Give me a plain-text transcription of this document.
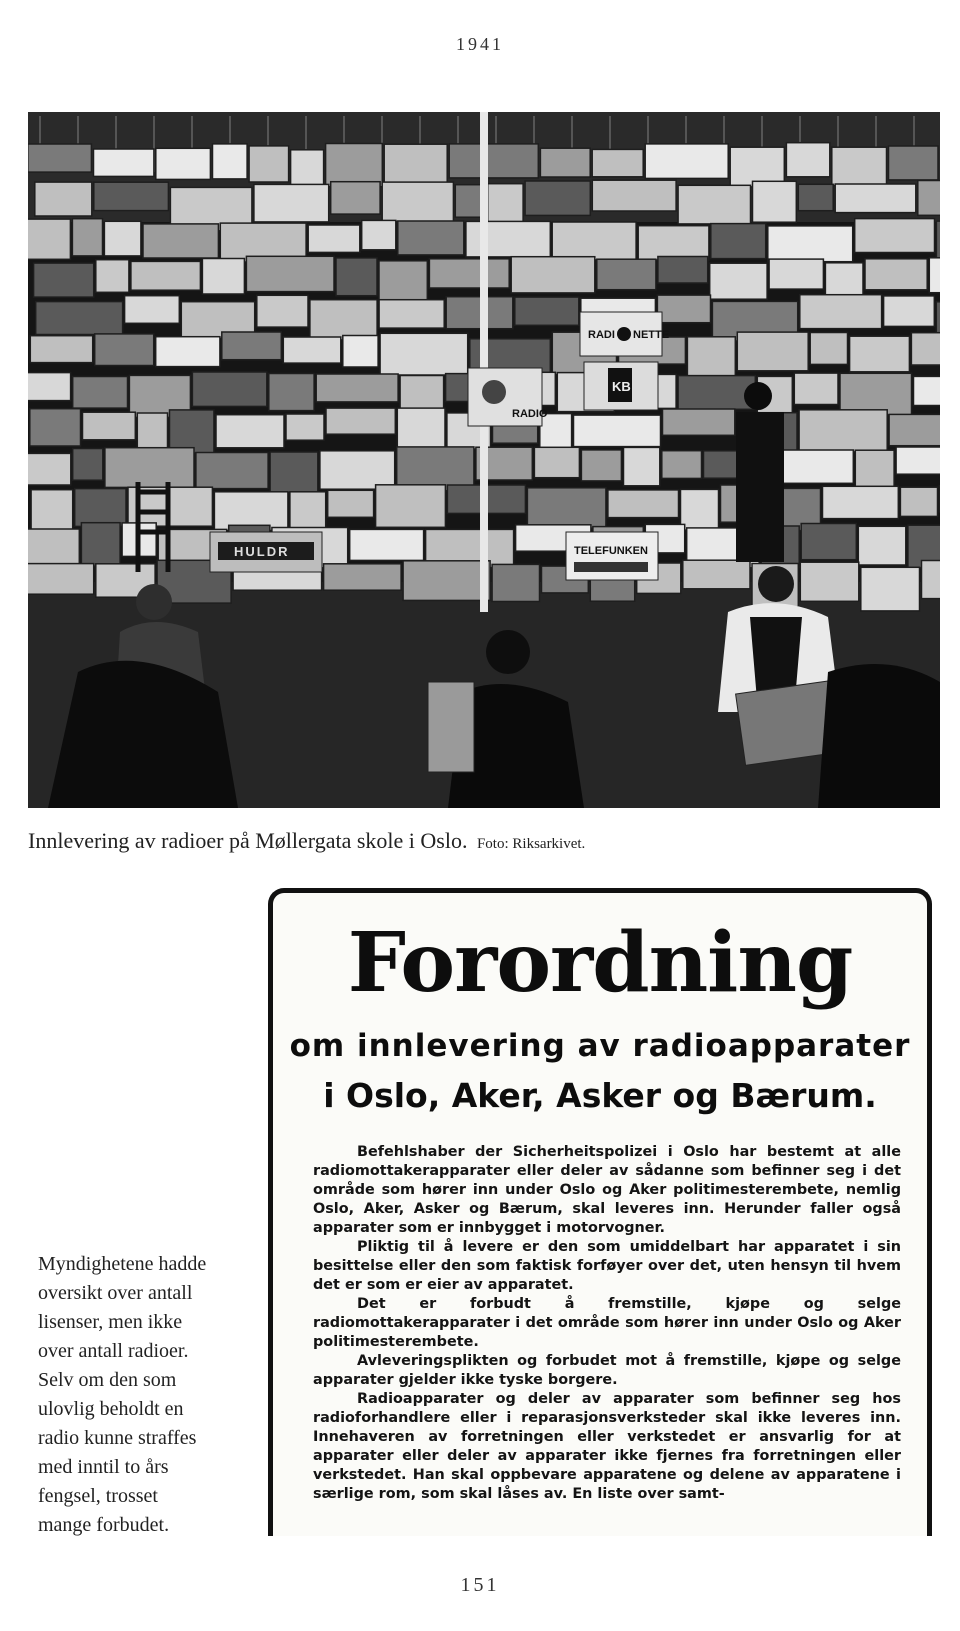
1941
RADI NETTE
KB
HULDR	TELEFUNKEN
RADIO
Innlevering av radioer på Møllergata skole i Oslo. Foto: Riksarkivet.
Myndighetene hadde
oversikt over antall
lisenser, men ikke
over antall radioer.
Selv om den som
ulovlig beholdt en
radio kunne straffes
med inntil to års
fengsel, trosset
mange forbudet.
Forordning
om innlevering av radioapparater
i Oslo, Aker, Asker og Bærum.

Befehlshaber der Sicherheitspolizei i Oslo har bestemt at alle radiomottakerapparater eller deler av sådanne som befinner seg i det område som hører inn under Oslo og Aker politimesterembete, nemlig Oslo, Aker, Asker og Bærum, skal leveres inn. Herunder faller også apparater som er innbygget i motorvogner.

Pliktig til å levere er den som umiddelbart har apparatet i sin besittelse eller den som faktisk forføyer over det, uten hensyn til hvem det er som er eier av apparatet.

Det er forbudt å fremstille, kjøpe og selge radiomottakerapparater i det område som hører inn under Oslo og Aker politimesterembete.

Avleveringsplikten og forbudet mot å fremstille, kjøpe og selge apparater gjelder ikke tyske borgere.

Radioapparater og deler av apparater som befinner seg hos radioforhandlere eller i reparasjonsverksteder skal ikke leveres inn. Innehaveren av forretningen eller verkstedet er ansvarlig for at apparater eller deler av apparater ikke fjernes fra forretningen eller verkstedet. Han skal oppbevare apparatene og delene av apparatene i særlige rom, som skal låses av. En liste over samt-

151
